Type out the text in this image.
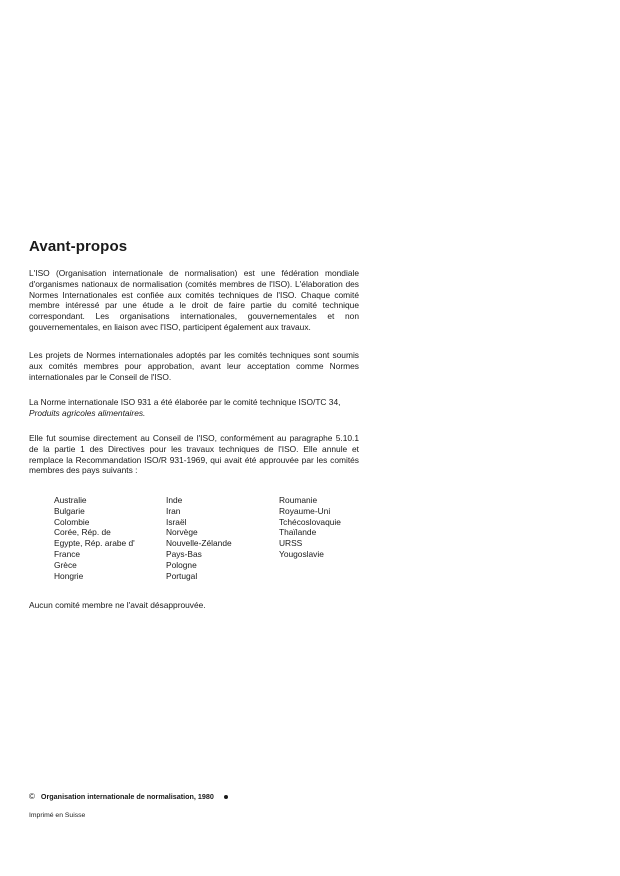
Avant-propos

L'ISO (Organisation internationale de normalisation) est une fédération mondiale d'organismes nationaux de normalisation (comités membres de l'ISO). L'élaboration des Normes Internationales est confiée aux comités techniques de l'ISO. Chaque comité membre intéressé par une étude a le droit de faire partie du comité technique correspondant. Les organisations internationales, gouvernementales et non gouvernementales, en liaison avec l'ISO, participent également aux travaux.

Les projets de Normes internationales adoptés par les comités techniques sont soumis aux comités membres pour approbation, avant leur acceptation comme Normes internationales par le Conseil de l'ISO.

La Norme internationale ISO 931 a été élaborée par le comité technique ISO/TC 34,
Produits agricoles alimentaires.

Elle fut soumise directement au Conseil de l'ISO, conformément au paragraphe 5.10.1 de la partie 1 des Directives pour les travaux techniques de l'ISO. Elle annule et remplace la Recommandation ISO/R 931-1969, qui avait été approuvée par les comités membres des pays suivants :

Australie
Bulgarie
Colombie
Corée, Rép. de
Egypte, Rép. arabe d'
France
Grèce
Hongrie
Inde
Iran
Israël
Norvège
Nouvelle-Zélande
Pays-Bas
Pologne
Portugal
Roumanie
Royaume-Uni
Tchécoslovaquie
Thaïlande
URSS
Yougoslavie

Aucun comité membre ne l'avait désapprouvée.

© Organisation internationale de normalisation, 1980
Imprimé en Suisse
